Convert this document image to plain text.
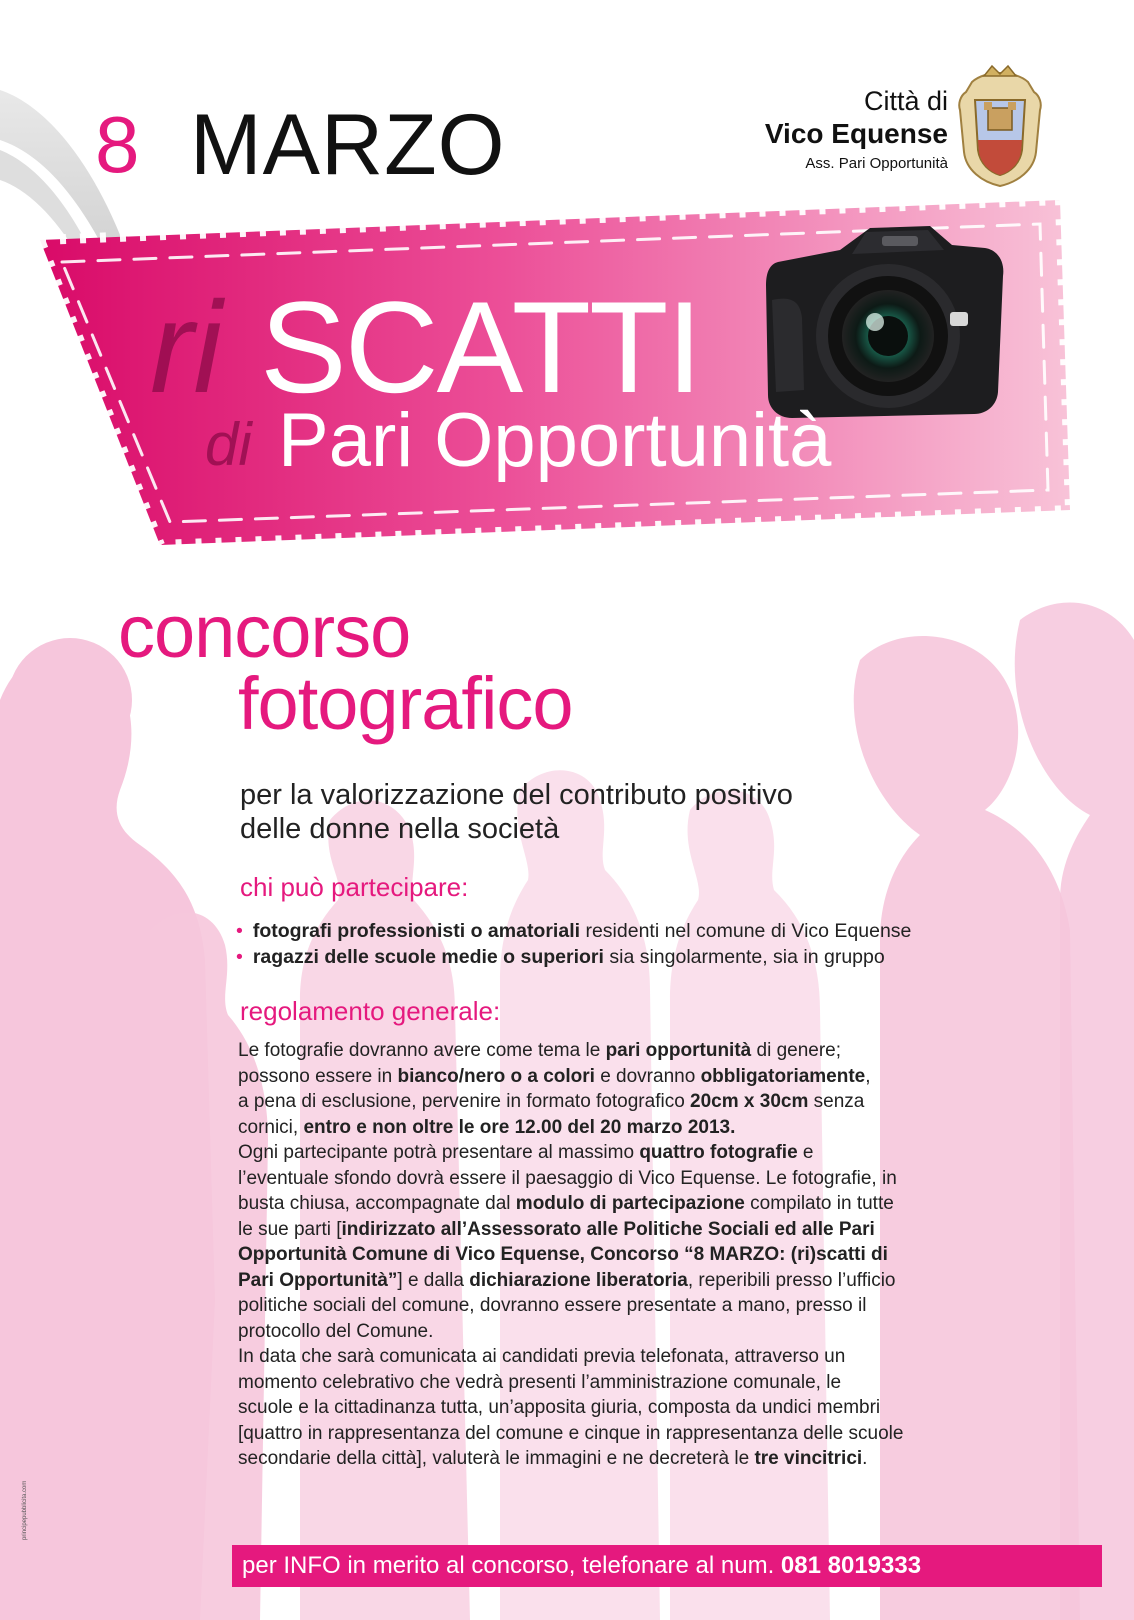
8 MARZO	Città di
Vico Equense
Ass. Pari Opportunità
ri SCATTI
di Pari Opportunità
concorso
fotografico
per la valorizzazione del contributo positivo
delle donne nella società
chi può partecipare:
• fotografi professionisti o amatoriali residenti nel comune di Vico Equense
• ragazzi delle scuole medie o superiori sia singolarmente, sia in gruppo
regolamento generale:
Le fotografie dovranno avere come tema le pari opportunità di genere;
possono essere in bianco/nero o a colori e dovranno obbligatoriamente,
a pena di esclusione, pervenire in formato fotografico 20cm x 30cm senza
cornici, entro e non oltre le ore 12.00 del 20 marzo 2013.
Ogni partecipante potrà presentare al massimo quattro fotografie e
l’eventuale sfondo dovrà essere il paesaggio di Vico Equense. Le fotografie, in
busta chiusa, accompagnate dal modulo di partecipazione compilato in tutte
le sue parti [indirizzato all’Assessorato alle Politiche Sociali ed alle Pari
Opportunità Comune di Vico Equense, Concorso “8 MARZO: (ri)scatti di
Pari Opportunità”] e dalla dichiarazione liberatoria, reperibili presso l’ufficio
politiche sociali del comune, dovranno essere presentate a mano, presso il
protocollo del Comune.
In data che sarà comunicata ai candidati previa telefonata, attraverso un
momento celebrativo che vedrà presenti l’amministrazione comunale, le
scuole e la cittadinanza tutta, un’apposita giuria, composta da undici membri
[quattro in rappresentanza del comune e cinque in rappresentanza delle scuole
secondarie della città], valuterà le immagini e ne decreterà le tre vincitrici.
per INFO in merito al concorso, telefonare al num. 081 8019333
principepubblicita.com
